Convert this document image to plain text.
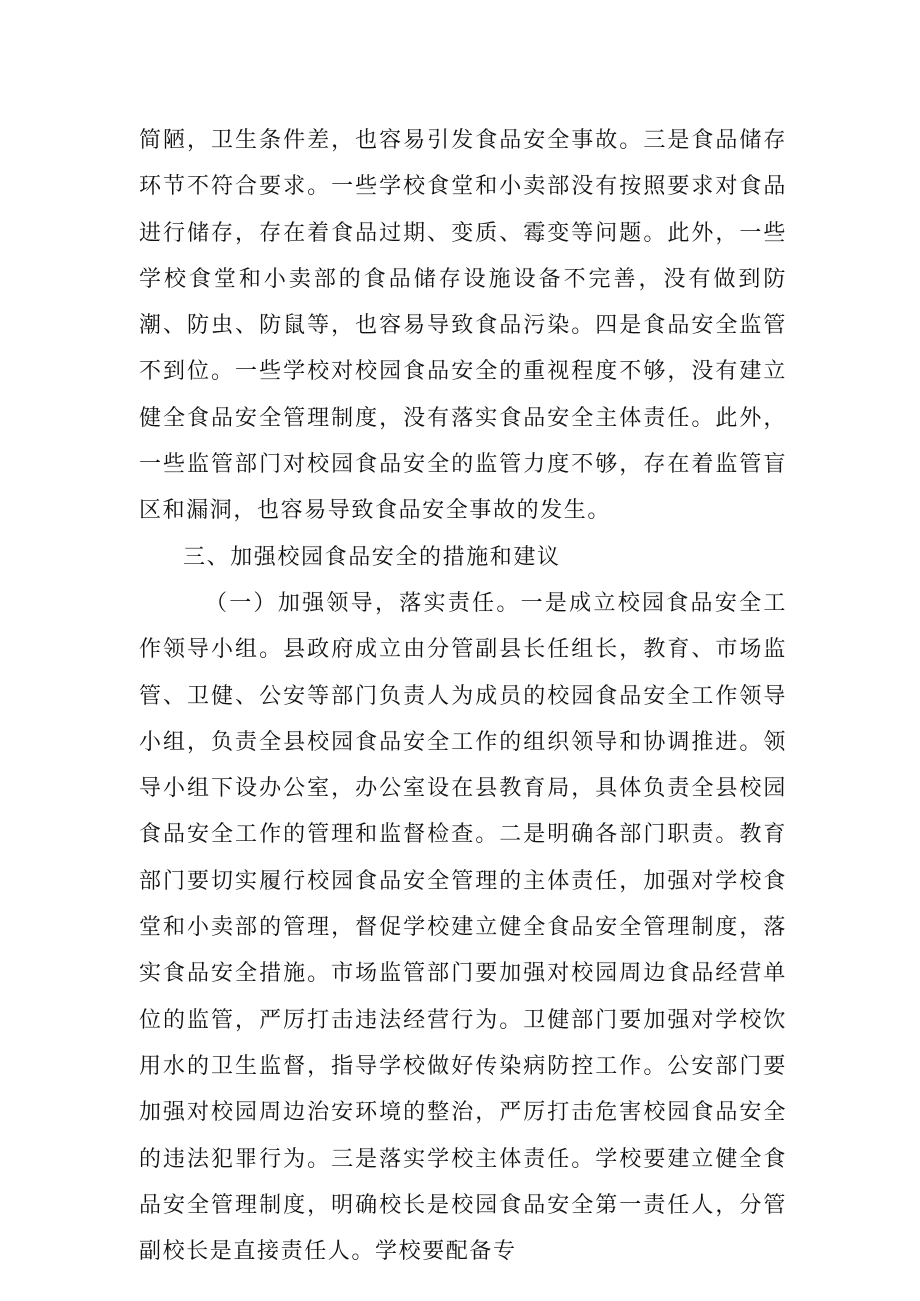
简陋，卫生条件差，也容易引发食品安全事故。三是食品储存环节不符合要求。一些学校食堂和小卖部没有按照要求对食品进行储存，存在着食品过期、变质、霉变等问题。此外，一些学校食堂和小卖部的食品储存设施设备不完善，没有做到防潮、防虫、防鼠等，也容易导致食品污染。四是食品安全监管不到位。一些学校对校园食品安全的重视程度不够，没有建立健全食品安全管理制度，没有落实食品安全主体责任。此外，一些监管部门对校园食品安全的监管力度不够，存在着监管盲区和漏洞，也容易导致食品安全事故的发生。

三、加强校园食品安全的措施和建议

（一）加强领导，落实责任。一是成立校园食品安全工作领导小组。县政府成立由分管副县长任组长，教育、市场监管、卫健、公安等部门负责人为成员的校园食品安全工作领导小组，负责全县校园食品安全工作的组织领导和协调推进。领导小组下设办公室，办公室设在县教育局，具体负责全县校园食品安全工作的管理和监督检查。二是明确各部门职责。教育部门要切实履行校园食品安全管理的主体责任，加强对学校食堂和小卖部的管理，督促学校建立健全食品安全管理制度，落实食品安全措施。市场监管部门要加强对校园周边食品经营单位的监管，严厉打击违法经营行为。卫健部门要加强对学校饮用水的卫生监督，指导学校做好传染病防控工作。公安部门要加强对校园周边治安环境的整治，严厉打击危害校园食品安全的违法犯罪行为。三是落实学校主体责任。学校要建立健全食品安全管理制度，明确校长是校园食品安全第一责任人，分管副校长是直接责任人。学校要配备专
